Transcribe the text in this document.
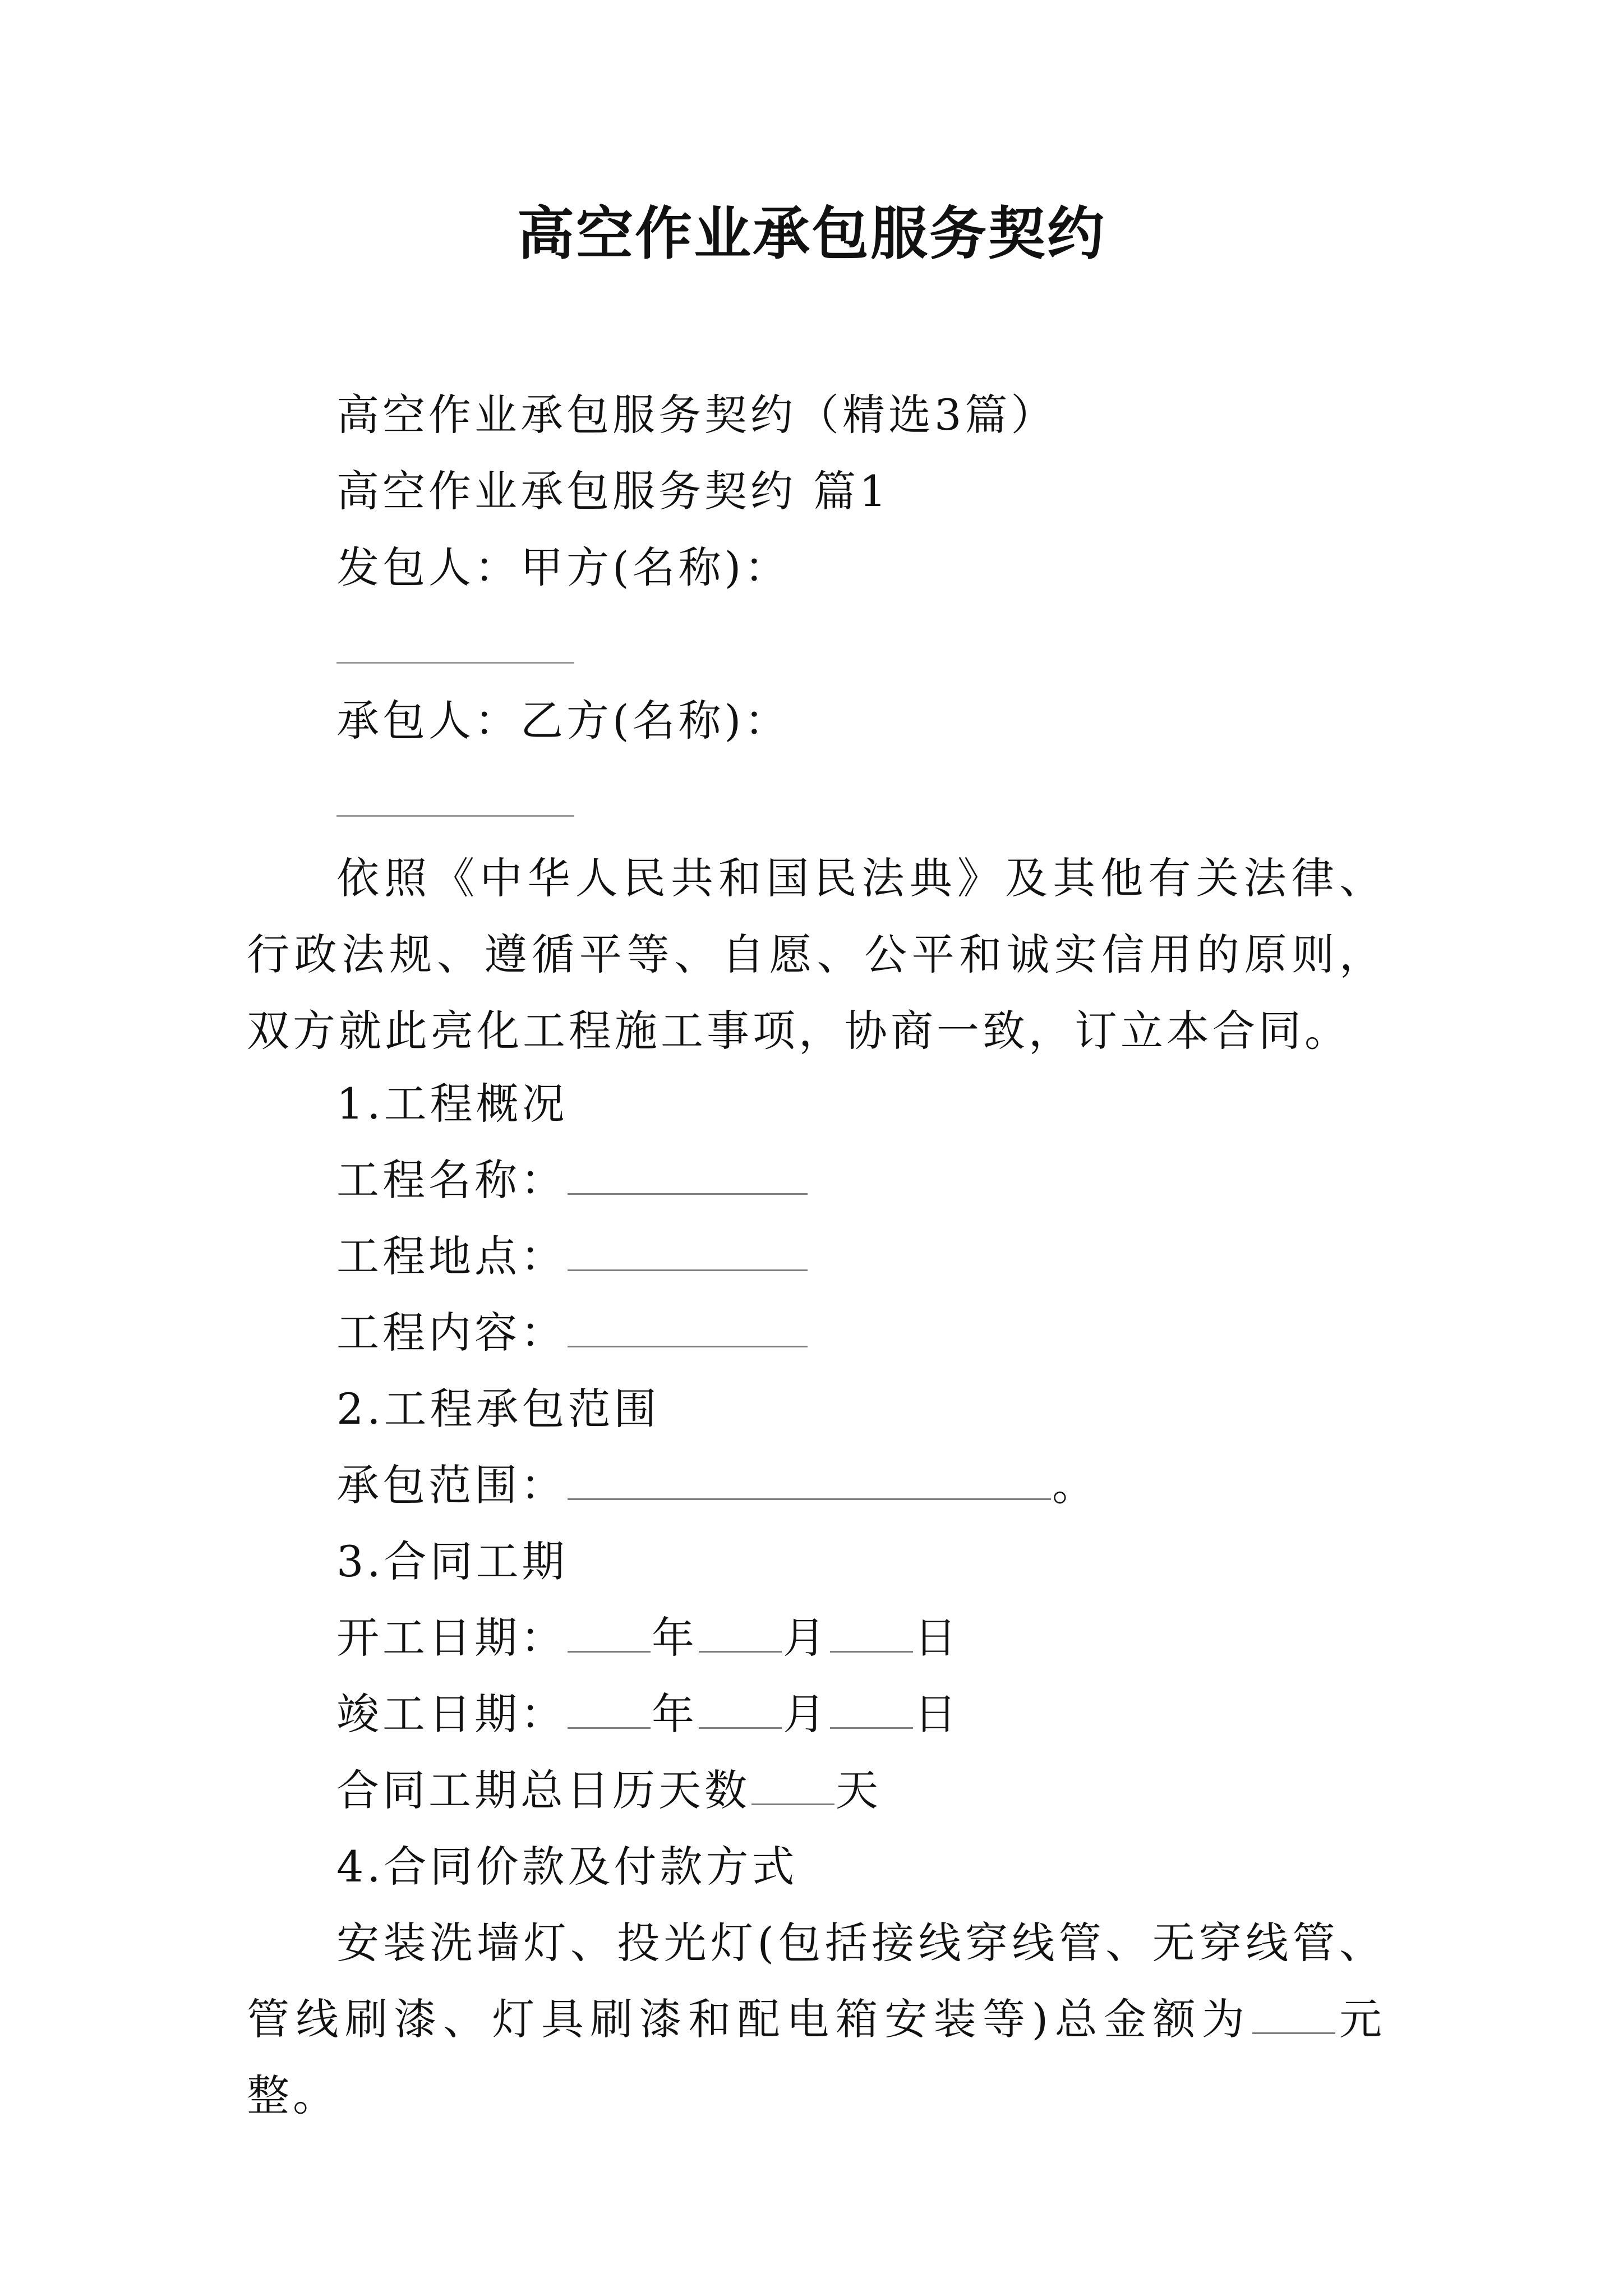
高空作业承包服务契约
高空作业承包服务契约（精选3篇）
高空作业承包服务契约 篇1
发包人：甲方(名称)：
承包人：乙方(名称)：
依照《中华人民共和国民法典》及其他有关法律、行政法规、遵循平等、自愿、公平和诚实信用的原则，双方就此亮化工程施工事项，协商一致，订立本合同。
1.工程概况
工程名称：
工程地点：
工程内容：
2.工程承包范围
承包范围：	。
3.合同工期
开工日期： 年 月 日
竣工日期： 年 月 日
合同工期总日历天数 天
4.合同价款及付款方式
安装洗墙灯、投光灯(包括接线穿线管、无穿线管、管线刷漆、灯具刷漆和配电箱安装等)总金额为 元整。
